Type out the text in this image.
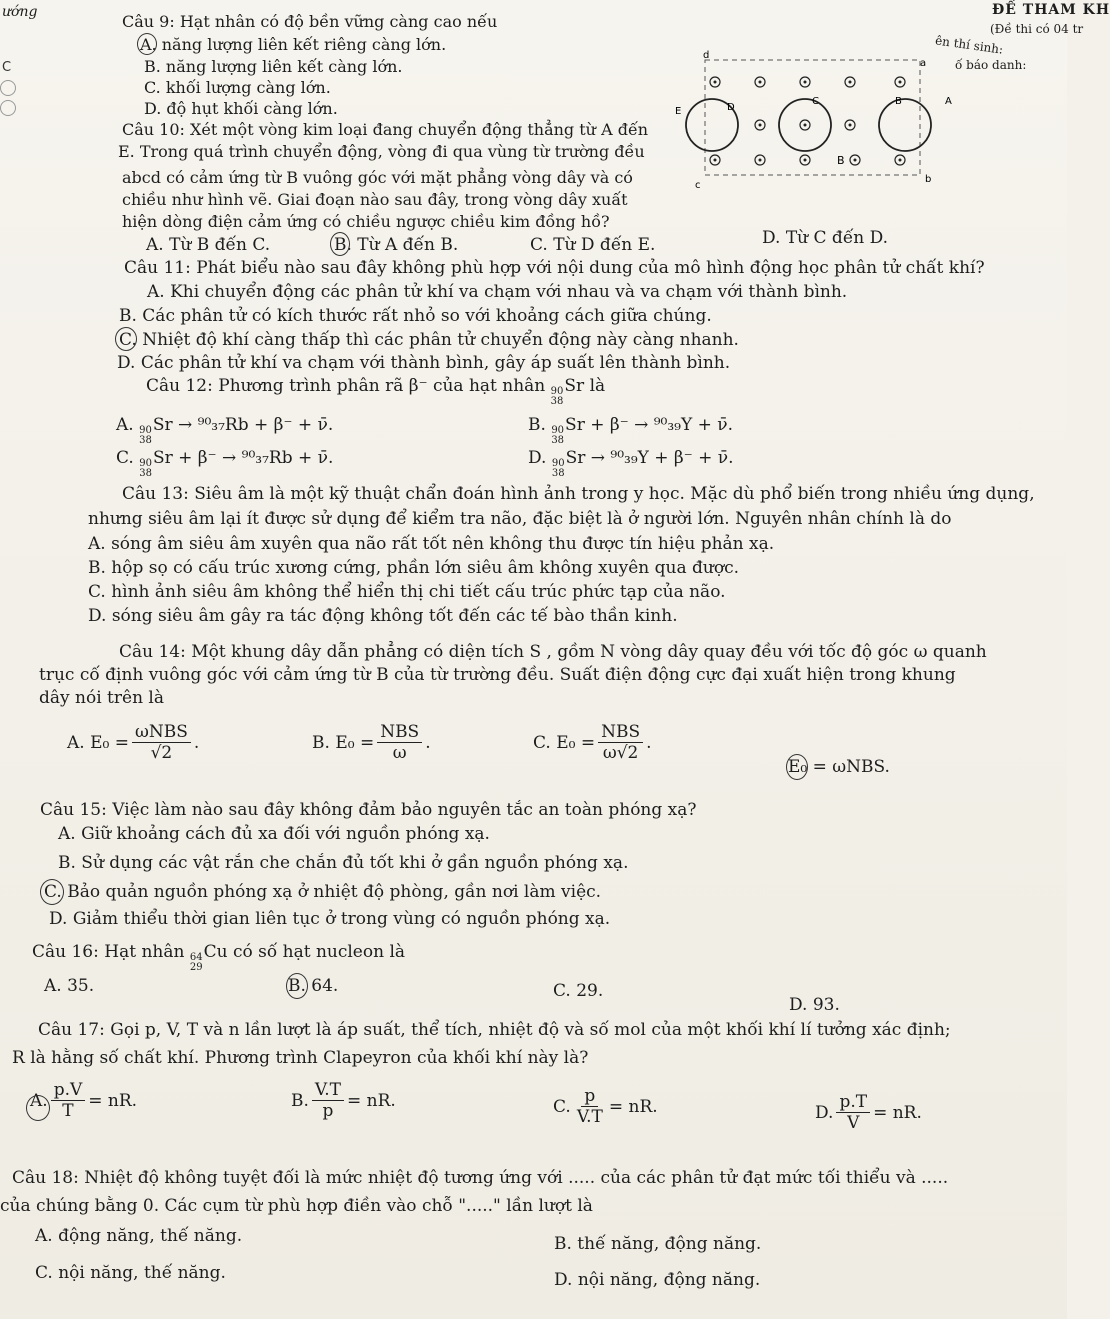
ướng	ĐỀ THAM KH
(Đề thi có 04 tr
ên thí sinh:
ố báo danh:
C
Câu 9: Hạt nhân có độ bền vững càng cao nếu
A. năng lượng liên kết riêng càng lớn.
B. năng lượng liên kết càng lớn.
C. khối lượng càng lớn.
D. độ hụt khối càng lớn.
Câu 10: Xét một vòng kim loại đang chuyển động thẳng từ A đến
E. Trong quá trình chuyển động, vòng đi qua vùng từ trường đều
abcd có cảm ứng từ B vuông góc với mặt phẳng vòng dây và có
chiều như hình vẽ. Giai đoạn nào sau đây, trong vòng dây xuất
hiện dòng điện cảm ứng có chiều ngược chiều kim đồng hồ?
E	D
C	B	A
d
a
b
c
B
A. Từ B đến C.	B. Từ A đến B.	C. Từ D đến E.	D. Từ C đến D.
Câu 11: Phát biểu nào sau đây không phù hợp với nội dung của mô hình động học phân tử chất khí?
A. Khi chuyển động các phân tử khí va chạm với nhau và va chạm với thành bình.
B. Các phân tử có kích thước rất nhỏ so với khoảng cách giữa chúng.
C. Nhiệt độ khí càng thấp thì các phân tử chuyển động này càng nhanh.
D. Các phân tử khí va chạm với thành bình, gây áp suất lên thành bình.
Câu 12: Phương trình phân rã β⁻ của hạt nhân 90
38
Sr là
A. 90
38
Sr → ⁹⁰₃₇Rb + β⁻ + ν̄.	B. 90
38
Sr + β⁻ → ⁹⁰₃₉Y + ν̄.
C. 90
38
Sr + β⁻ → ⁹⁰₃₇Rb + ν̄.	D. 90
38
Sr → ⁹⁰₃₉Y + β⁻ + ν̄.
Câu 13: Siêu âm là một kỹ thuật chẩn đoán hình ảnh trong y học. Mặc dù phổ biến trong nhiều ứng dụng,
nhưng siêu âm lại ít được sử dụng để kiểm tra não, đặc biệt là ở người lớn. Nguyên nhân chính là do
A. sóng âm siêu âm xuyên qua não rất tốt nên không thu được tín hiệu phản xạ.
B. hộp sọ có cấu trúc xương cứng, phần lớn siêu âm không xuyên qua được.
C. hình ảnh siêu âm không thể hiển thị chi tiết cấu trúc phức tạp của não.
D. sóng siêu âm gây ra tác động không tốt đến các tế bào thần kinh.
Câu 14: Một khung dây dẫn phẳng có diện tích S , gồm N vòng dây quay đều với tốc độ góc ω quanh
trục cố định vuông góc với cảm ứng từ B của từ trường đều. Suất điện động cực đại xuất hiện trong khung
dây nói trên là
A.
$E_0 = \frac{\text{ωNBS}}{√2}$ .	B.
$E_0 = \frac{\text{NBS}}{\omega}$ .	C.
$E_0 = \frac{\text{NBS}}{\omega√2}$ .
E₀ = ωNBS.
Câu 15: Việc làm nào sau đây không đảm bảo nguyên tắc an toàn phóng xạ?
A. Giữ khoảng cách đủ xa đối với nguồn phóng xạ.
B. Sử dụng các vật rắn che chắn đủ tốt khi ở gần nguồn phóng xạ.
C. Bảo quản nguồn phóng xạ ở nhiệt độ phòng, gần nơi làm việc.
D. Giảm thiểu thời gian liên tục ở trong vùng có nguồn phóng xạ.
Câu 16: Hạt nhân 64
29
Cu có số hạt nucleon là
A. 35.	B. 64.	C. 29.
D. 93.
Câu 17: Gọi p, V, T và n lần lượt là áp suất, thể tích, nhiệt độ và số mol của một khối khí lí tưởng xác định;
R là hằng số chất khí. Phương trình Clapeyron của khối khí này là?
A. $\frac{p.V}{T}$ = nR.	B. $\frac{V.T}{p}$ = nR.	C. $\frac{p}{V.T}$ = nR.	D. $\frac{p.T}{V}$ = nR.
Câu 18: Nhiệt độ không tuyệt đối là mức nhiệt độ tương ứng với ..... của các phân tử đạt mức tối thiểu và .....
của chúng bằng 0. Các cụm từ phù hợp điền vào chỗ "....." lần lượt là
A. động năng, thế năng.	B. thế năng, động năng.
C. nội năng, thế năng.	D. nội năng, động năng.
